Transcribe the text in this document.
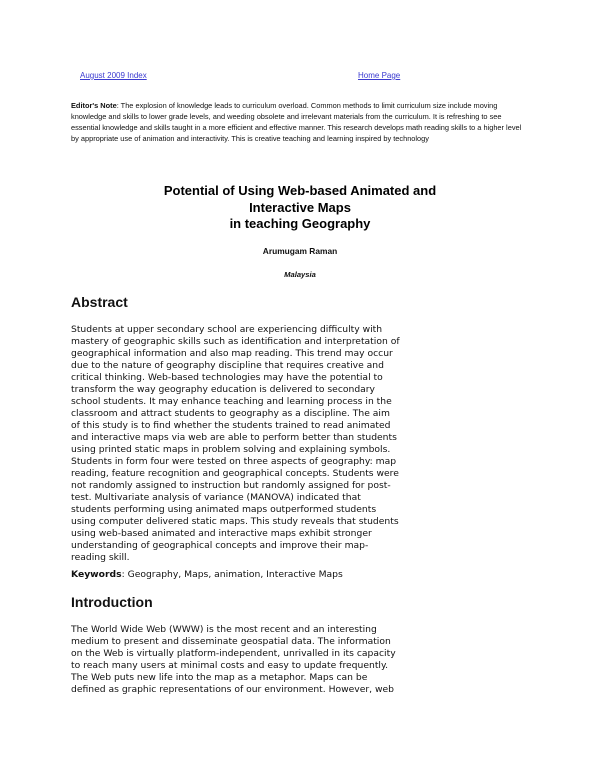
August 2009 Index	Home Page
Editor's Note: The explosion of knowledge leads to curriculum overload. Common methods to limit curriculum size include moving knowledge and skills to lower grade levels, and weeding obsolete and irrelevant materials from the curriculum. It is refreshing to see essential knowledge and skills taught in a more efficient and effective manner. This research develops math reading skills to a higher level by appropriate use of animation and interactivity. This is creative teaching and learning inspired by technology
Potential of Using Web-based Animated and
Interactive Maps
in teaching Geography
Arumugam Raman
Malaysia
Abstract
Students at upper secondary school are experiencing difficulty with
mastery of geographic skills such as identification and interpretation of
geographical information and also map reading. This trend may occur
due to the nature of geography discipline that requires creative and
critical thinking. Web-based technologies may have the potential to
transform the way geography education is delivered to secondary
school students. It may enhance teaching and learning process in the
classroom and attract students to geography as a discipline. The aim
of this study is to find whether the students trained to read animated
and interactive maps via web are able to perform better than students
using printed static maps in problem solving and explaining symbols.
Students in form four were tested on three aspects of geography: map
reading, feature recognition and geographical concepts. Students were
not randomly assigned to instruction but randomly assigned for post-
test. Multivariate analysis of variance (MANOVA) indicated that
students performing using animated maps outperformed students
using computer delivered static maps. This study reveals that students
using web-based animated and interactive maps exhibit stronger
understanding of geographical concepts and improve their map-
reading skill.
Keywords: Geography, Maps, animation, Interactive Maps
Introduction
The World Wide Web (WWW) is the most recent and an interesting
medium to present and disseminate geospatial data. The information
on the Web is virtually platform-independent, unrivalled in its capacity
to reach many users at minimal costs and easy to update frequently.
The Web puts new life into the map as a metaphor. Maps can be
defined as graphic representations of our environment. However, web
